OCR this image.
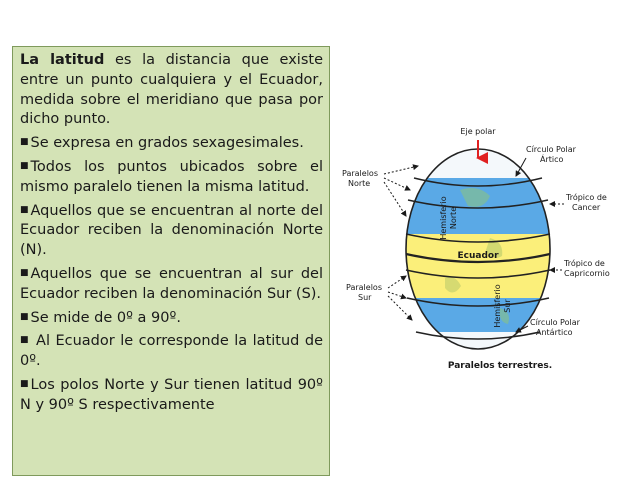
La latitud es la distancia que existe entre un punto cualquiera y el Ecuador, medida sobre el meridiano que pasa por dicho punto.

■ Se expresa en grados sexagesimales.

■ Todos los puntos ubicados sobre el mismo paralelo tienen la misma latitud.

■ Aquellos que se encuentran al norte del Ecuador reciben la denominación Norte (N).

■ Aquellos que se encuentran al sur del Ecuador reciben la denominación Sur (S).

■ Se mide de 0º a 90º.

■ Al Ecuador le corresponde la latitud de 0º.

■ Los polos Norte y Sur tienen latitud 90º N y 90º S respectivamente

Eje polar
Hemisferio Norte
Hemisferio Sur
Ecuador
Círculo Polar
Ártico
Trópico de
Cancer
Trópico de
Capricornio
Círculo Polar
Antártico
Paralelos
Norte
Paralelos
Sur
Paralelos terrestres.
